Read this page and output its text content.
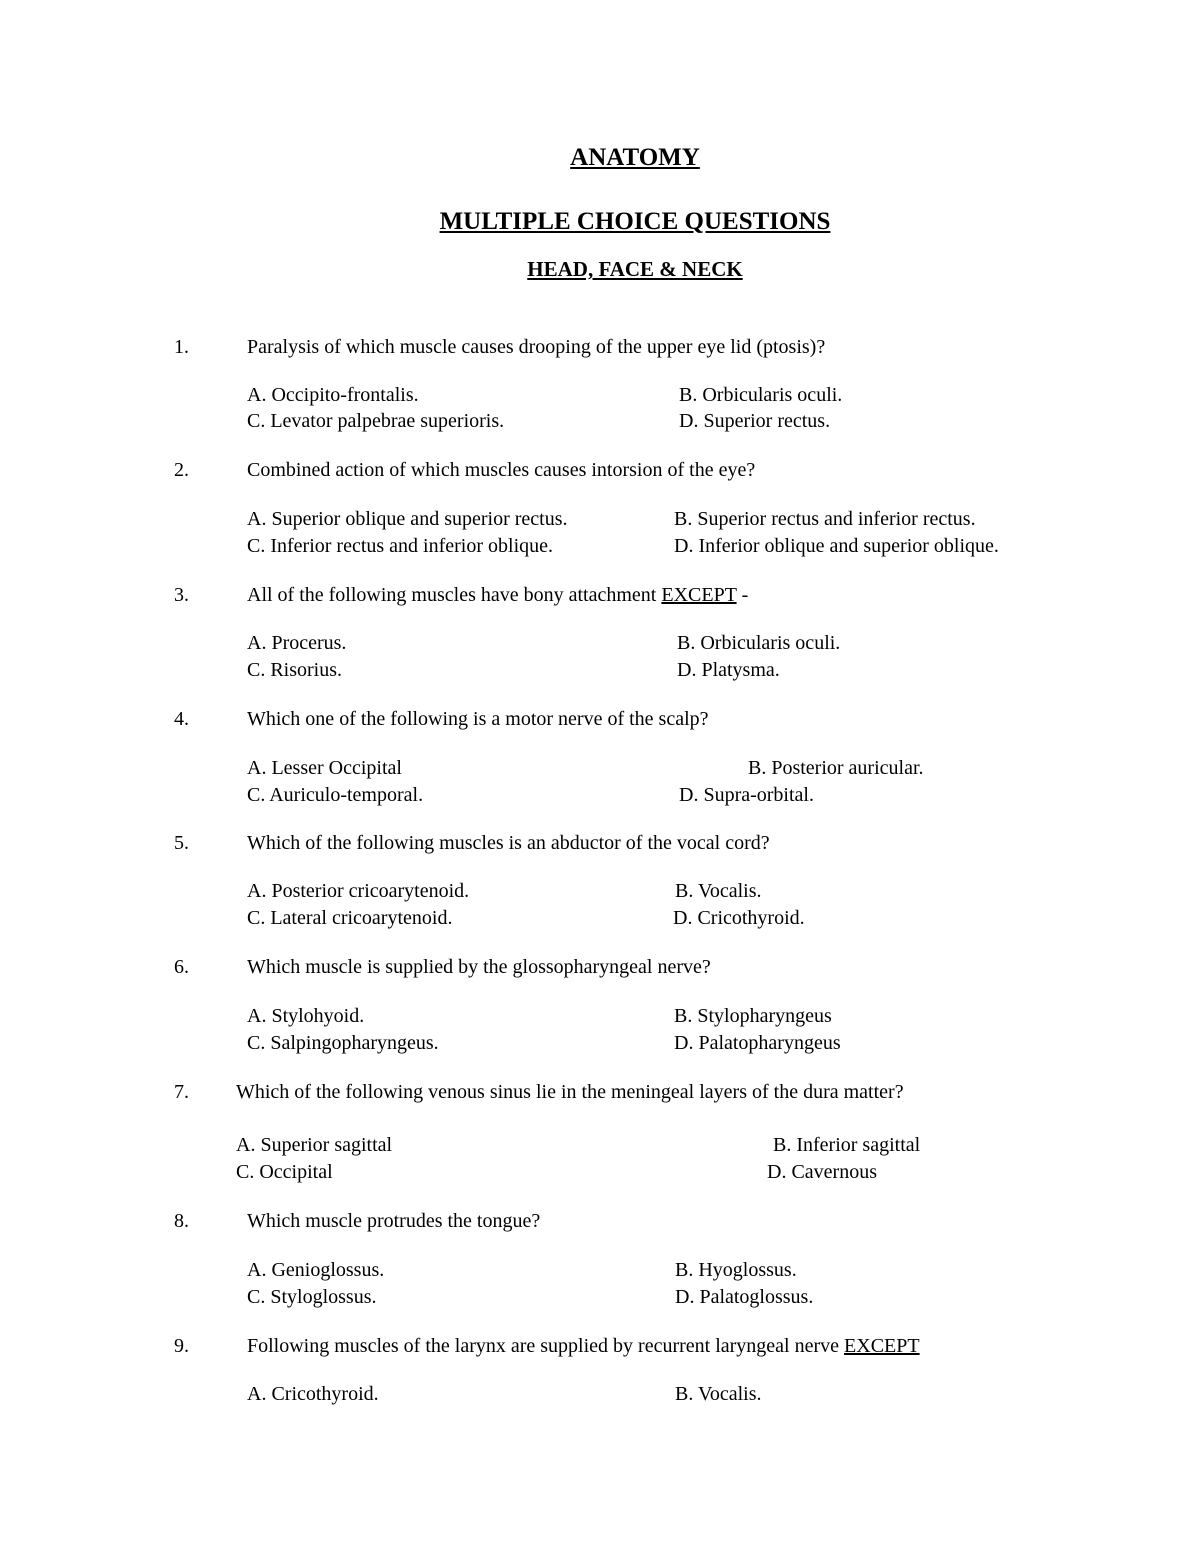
ANATOMY
MULTIPLE CHOICE QUESTIONS
HEAD, FACE & NECK
1.	Paralysis of which muscle causes drooping of the upper eye lid (ptosis)?
A. Occipito-frontalis.	B. Orbicularis oculi.
C. Levator palpebrae superioris.	D. Superior rectus.
2.	Combined action of which muscles causes intorsion of the eye?
A. Superior oblique and superior rectus.	B. Superior rectus and inferior rectus.
C. Inferior rectus and inferior oblique.	D. Inferior oblique and superior oblique.
3.	All of the following muscles have bony attachment EXCEPT -
A. Procerus.	B. Orbicularis oculi.
C. Risorius.	D. Platysma.
4.	Which one of the following is a motor nerve of the scalp?
A. Lesser Occipital	B. Posterior auricular.
C. Auriculo-temporal.	D. Supra-orbital.
5.	Which of the following muscles is an abductor of the vocal cord?
A. Posterior cricoarytenoid.	B. Vocalis.
C. Lateral cricoarytenoid.	D. Cricothyroid.
6.	Which muscle is supplied by the glossopharyngeal nerve?
A. Stylohyoid.	B. Stylopharyngeus
C. Salpingopharyngeus.	D. Palatopharyngeus
7. Which of the following venous sinus lie in the meningeal layers of the dura matter?
A. Superior sagittal	B. Inferior sagittal
C. Occipital	D. Cavernous
8.	Which muscle protrudes the tongue?
A. Genioglossus.	B. Hyoglossus.
C. Styloglossus.	D. Palatoglossus.
9.	Following muscles of the larynx are supplied by recurrent laryngeal nerve EXCEPT
A. Cricothyroid.	B. Vocalis.
